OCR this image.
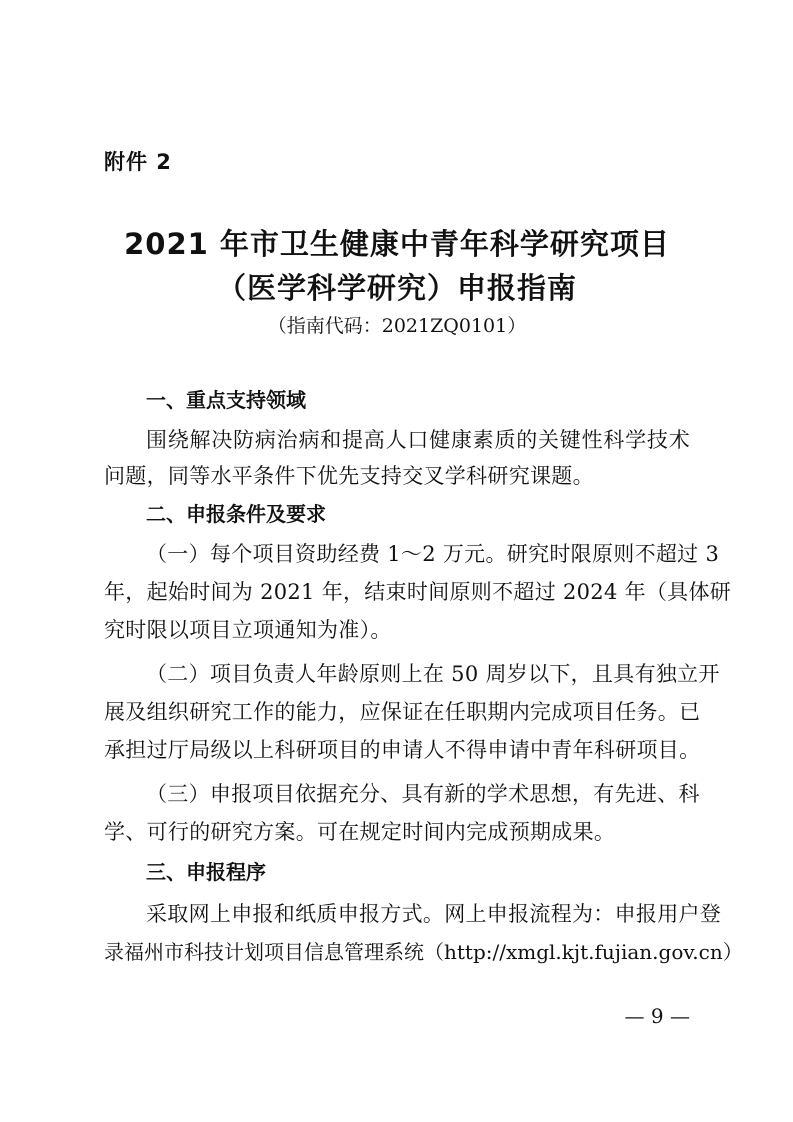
附件 2
2021 年市卫生健康中青年科学研究项目
（医学科学研究）申报指南
（指南代码：2021ZQ0101）
一、重点支持领域
围绕解决防病治病和提高人口健康素质的关键性科学技术
问题，同等水平条件下优先支持交叉学科研究课题。
二、申报条件及要求
（一）每个项目资助经费 1～2 万元。研究时限原则不超过 3
年，起始时间为 2021 年，结束时间原则不超过 2024 年（具体研
究时限以项目立项通知为准）。
（二）项目负责人年龄原则上在 50 周岁以下，且具有独立开
展及组织研究工作的能力，应保证在任职期内完成项目任务。已
承担过厅局级以上科研项目的申请人不得申请中青年科研项目。
（三）申报项目依据充分、具有新的学术思想，有先进、科
学、可行的研究方案。可在规定时间内完成预期成果。
三、申报程序
采取网上申报和纸质申报方式。网上申报流程为：申报用户登
录福州市科技计划项目信息管理系统（http://xmgl.kjt.fujian.gov.cn）
— 9 —
